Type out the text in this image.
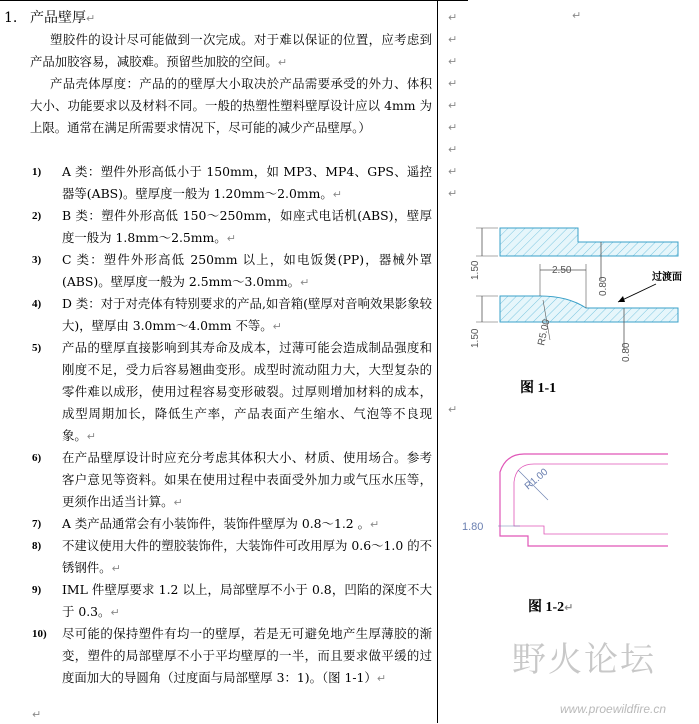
1. 产品壁厚↵
塑胶件的设计尽可能做到一次完成。对于难以保证的位置，应考虑到产品加胶容易，减胶难。预留些加胶的空间。↵
产品壳体厚度：产品的的壁厚大小取决於产品需要承受的外力、体积大小、功能要求以及材料不同。一般的热塑性塑料壁厚设计应以 4mm 为上限。通常在满足所需要求情况下，尽可能的减少产品壁厚。）
1)	A 类：塑件外形高低小于 150mm，如 MP3、MP4、GPS、遥控器等(ABS)。壁厚度一般为 1.20mm～2.0mm。↵
2)	B 类：塑件外形高低 150～250mm，如座式电话机(ABS)，壁厚度一般为 1.8mm～2.5mm。↵
3)	C 类：塑件外形高低 250mm 以上，如电饭煲(PP)，器械外罩(ABS)。壁厚度一般为 2.5mm～3.0mm。↵
4)	D 类：对于对壳体有特别要求的产品,如音箱(壁厚对音响效果影象较大)，壁厚由 3.0mm～4.0mm 不等。↵
5)	产品的壁厚直接影响到其寿命及成本，过薄可能会造成制品强度和刚度不足，受力后容易翘曲变形。成型时流动阻力大，大型复杂的零件难以成形，使用过程容易变形破裂。过厚则增加材料的成本，成型周期加长，降低生产率，产品表面产生缩水、气泡等不良现象。↵
6)	在产品壁厚设计时应充分考虑其体积大小、材质、使用场合。参考客户意见等资料。如果在使用过程中表面受外加力或气压水压等，更须作出适当计算。↵
7)	A 类产品通常会有小装饰件，装饰件壁厚为 0.8～1.2 。↵
8)	不建议使用大件的塑胶装饰件，大装饰件可改用厚为 0.6～1.0 的不锈钢件。↵
9)	IML 件壁厚要求 1.2 以上，局部壁厚不小于 0.8，凹陷的深度不大于 0.3。↵
10)	尽可能的保持塑件有均一的壁厚，若是无可避免地产生厚薄胶的渐变，塑件的局部壁厚不小于平均壁厚的一半，而且要求做平缓的过度面加大的导圆角（过度面与局部壁厚 3：1)。（图 1-1）↵
↵
↵
↵
↵
↵
↵
↵
↵
↵
↵
↵
↵
1.50
1.50
2.50
0.80
0.80
R5.00
过渡面
1.80
R1.00
图 1-1
图 1-2↵
野火论坛
www.proewildfire.cn
